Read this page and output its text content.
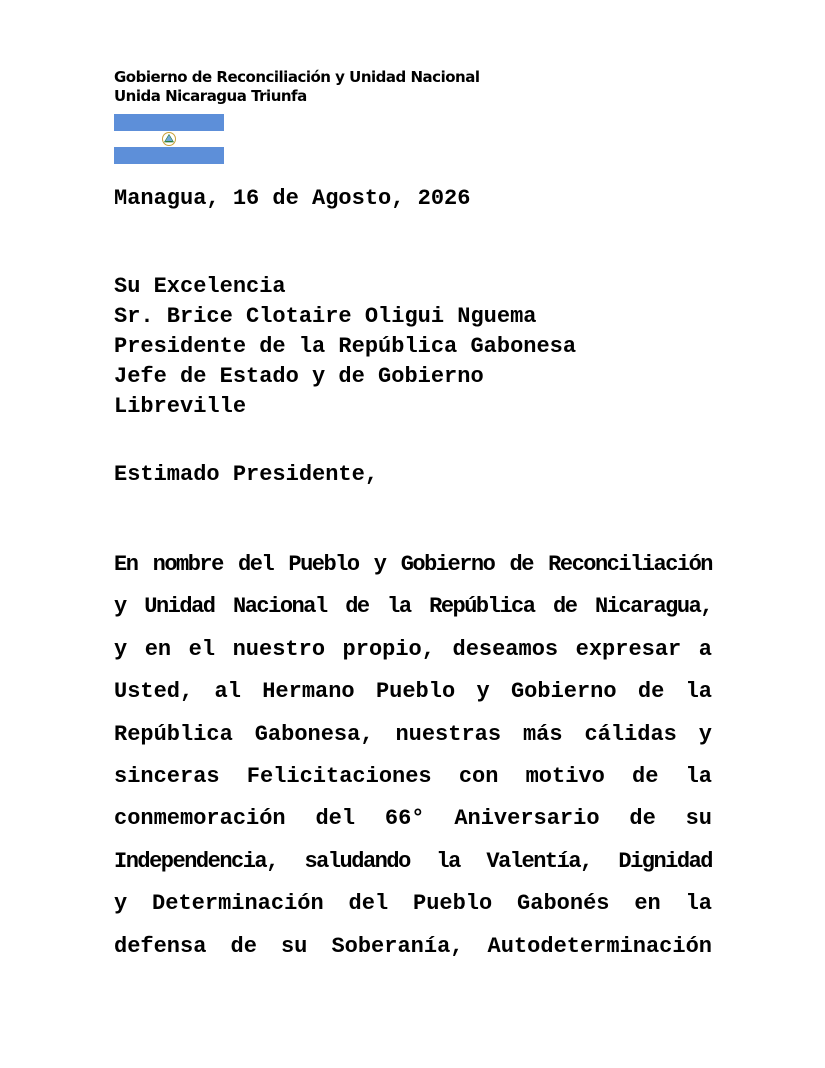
Gobierno de Reconciliación y Unidad Nacional
Unida Nicaragua Triunfa

Managua, 16 de Agosto, 2026

Su Excelencia
Sr. Brice Clotaire Oligui Nguema
Presidente de la República Gabonesa
Jefe de Estado y de Gobierno
Libreville

Estimado Presidente,

En nombre del Pueblo y Gobierno de Reconciliación
y Unidad Nacional de la República de Nicaragua,
y en el nuestro propio, deseamos expresar a
Usted, al Hermano Pueblo y Gobierno de la
República Gabonesa, nuestras más cálidas y
sinceras Felicitaciones con motivo de la
conmemoración del 66° Aniversario de su
Independencia, saludando la Valentía, Dignidad
y Determinación del Pueblo Gabonés en la
defensa de su Soberanía, Autodeterminación
